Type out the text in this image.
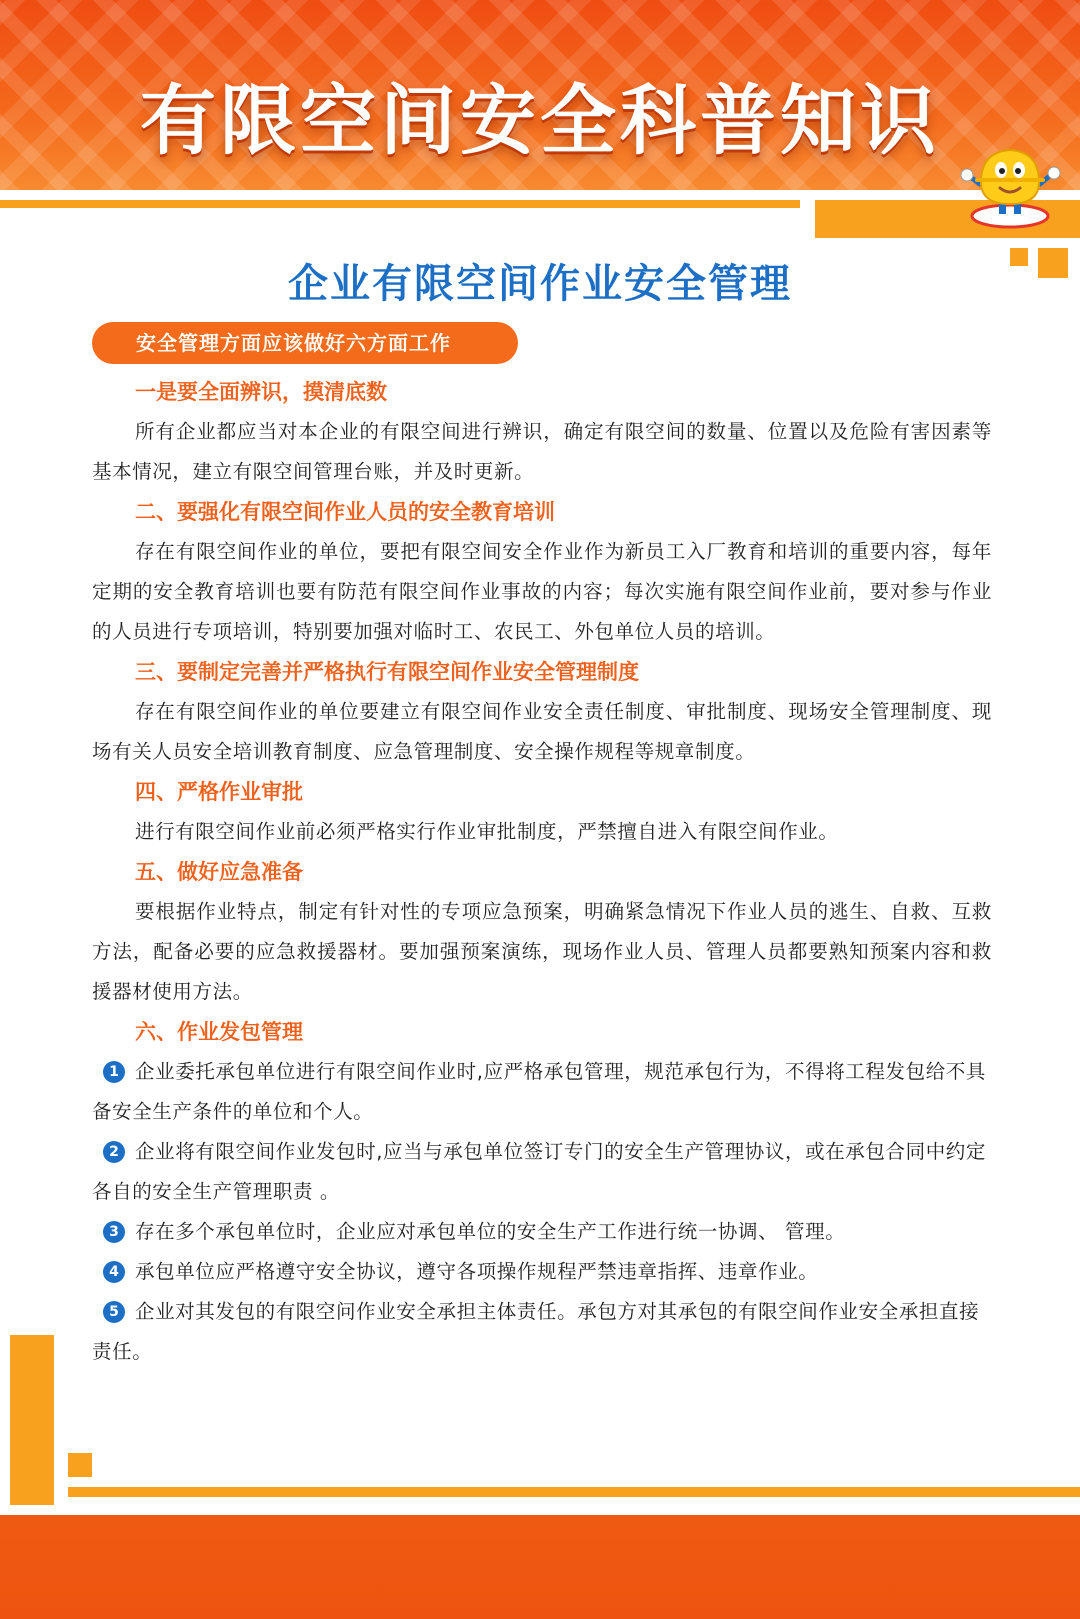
有限空间安全科普知识
企业有限空间作业安全管理
安全管理方面应该做好六方面工作
一是要全面辨识，摸清底数

所有企业都应当对本企业的有限空间进行辨识，确定有限空间的数量、位置以及危险有害因素等基本情况，建立有限空间管理台账，并及时更新。

二、要强化有限空间作业人员的安全教育培训

存在有限空间作业的单位，要把有限空间安全作业作为新员工入厂教育和培训的重要内容，每年定期的安全教育培训也要有防范有限空间作业事故的内容；每次实施有限空间作业前，要对参与作业的人员进行专项培训，特别要加强对临时工、农民工、外包单位人员的培训。

三、要制定完善并严格执行有限空间作业安全管理制度

存在有限空间作业的单位要建立有限空间作业安全责任制度、审批制度、现场安全管理制度、现场有关人员安全培训教育制度、应急管理制度、安全操作规程等规章制度。

四、严格作业审批

进行有限空间作业前必须严格实行作业审批制度，严禁擅自进入有限空间作业。

五、做好应急准备

要根据作业特点，制定有针对性的专项应急预案，明确紧急情况下作业人员的逃生、自救、互救方法，配备必要的应急救援器材。要加强预案演练，现场作业人员、管理人员都要熟知预案内容和救援器材使用方法。

六、作业发包管理

1 企业委托承包单位进行有限空间作业时,应严格承包管理，规范承包行为，不得将工程发包给不具备安全生产条件的单位和个人。

2 企业将有限空间作业发包时,应当与承包单位签订专门的安全生产管理协议，或在承包合同中约定各自的安全生产管理职责 。

3 存在多个承包单位时，企业应对承包单位的安全生产工作进行统一协调、 管理。

4 承包单位应严格遵守安全协议，遵守各项操作规程严禁违章指挥、违章作业。

5 企业对其发包的有限空问作业安全承担主体责任。承包方对其承包的有限空间作业安全承担直接责任。
